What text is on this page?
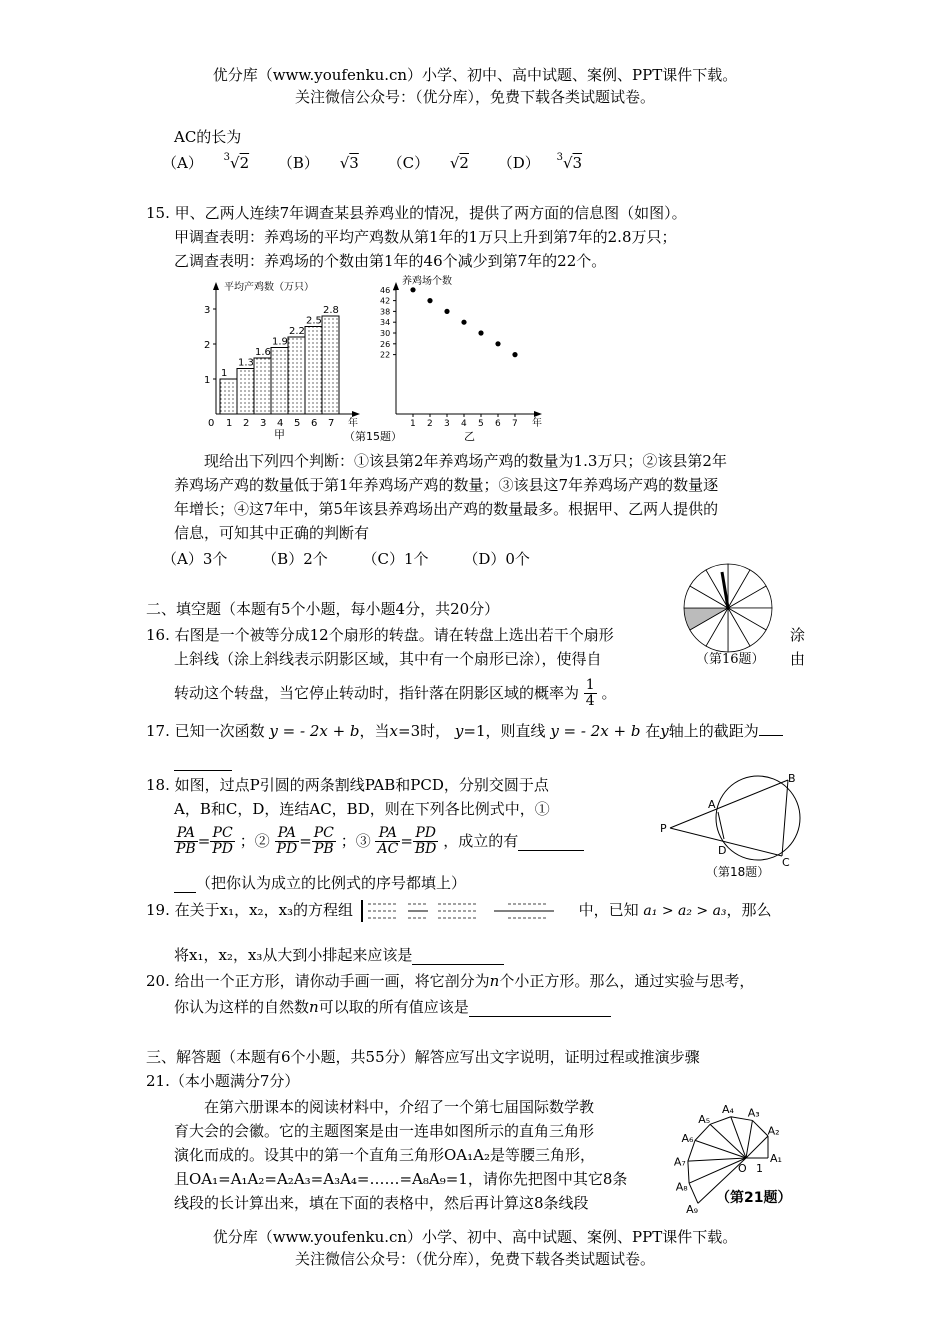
优分库（www.youfenku.cn）小学、初中、高中试题、案例、PPT课件下载。
关注微信公众号：（优分库），免费下载各类试题试卷。
AC的长为
（A） $^3$√2 （B） √3 （C） √2 （D） $^3$√3
15. 甲、乙两人连续7年调查某县养鸡业的情况，提供了两方面的信息图（如图）。
甲调查表明：养鸡场的平均产鸡数从第1年的1万只上升到第7年的2.8万只；
乙调查表明：养鸡场的个数由第1年的46个减少到第7年的22个。
平均产鸡数（万只）
1
2
3
1
1
1.3
2
1.6
3
1.9
4
2.2
5
2.5
6
2.8
7
0	年
甲
养鸡场个数
22
26
30
34
38
42
46
1 2 3 4 5 6 7 年
（第15题）	乙
现给出下列四个判断：①该县第2年养鸡场产鸡的数量为1.3万只；②该县第2年
养鸡场产鸡的数量低于第1年养鸡场产鸡的数量；③该县这7年养鸡场产鸡的数量逐
年增长；④这7年中，第5年该县养鸡场出产鸡的数量最多。根据甲、乙两人提供的
信息，可知其中正确的判断有
（A）3个 （B）2个 （C）1个 （D）0个
二、填空题（本题有5个小题，每小题4分，共20分）
（第16题）
16. 右图是一个被等分成12个扇形的转盘。请在转盘上选出若干个扇形	涂
上斜线（涂上斜线表示阴影区域，其中有一个扇形已涂），使得自	由
转动这个转盘，当它停止转动时，指针落在阴影区域的概率为 $\frac{1}{4}$ 。
17. 已知一次函数 y = - 2x + b，当x=3时， y=1，则直线 y = - 2x + b 在y轴上的截距为

18. 如图，过点P引圆的两条割线PAB和PCD，分别交圆于点
A，B和C，D，连结AC，BD，则在下列各比例式中，①
$\frac{PA}{PB} = \frac{PC}{PD}$ ；② $\frac{PA}{PD} = \frac{PC}{PB}$ ；③ $\frac{PA}{AC} = \frac{PD}{BD}$ ，成立的有
（把你认为成立的比例式的序号都填上）
P
A
B
D
C
（第18题）
19. 在关于x₁，x₂，x₃的方程组	中，已知 a₁ > a₂ > a₃，那么
将x₁，x₂，x₃从大到小排起来应该是
20. 给出一个正方形，请你动手画一画，将它剖分为n个小正方形。那么，通过实验与思考，
你认为这样的自然数n可以取的所有值应该是
三、解答题（本题有6个小题，共55分）解答应写出文字说明，证明过程或推演步骤
21.（本小题满分7分）
在第六册课本的阅读材料中，介绍了一个第七届国际数学教
育大会的会徽。它的主题图案是由一连串如图所示的直角三角形
演化而成的。设其中的第一个直角三角形OA₁A₂是等腰三角形，
且OA₁=A₁A₂=A₂A₃=A₃A₄=……=A₈A₉=1，请你先把图中其它8条
线段的长计算出来，填在下面的表格中，然后再计算这8条线段
A₁
A₂
A₃
A₄
A₅
A₆
A₇
A₈
A₉
O 1
（第21题）
优分库（www.youfenku.cn）小学、初中、高中试题、案例、PPT课件下载。
关注微信公众号：（优分库），免费下载各类试题试卷。
